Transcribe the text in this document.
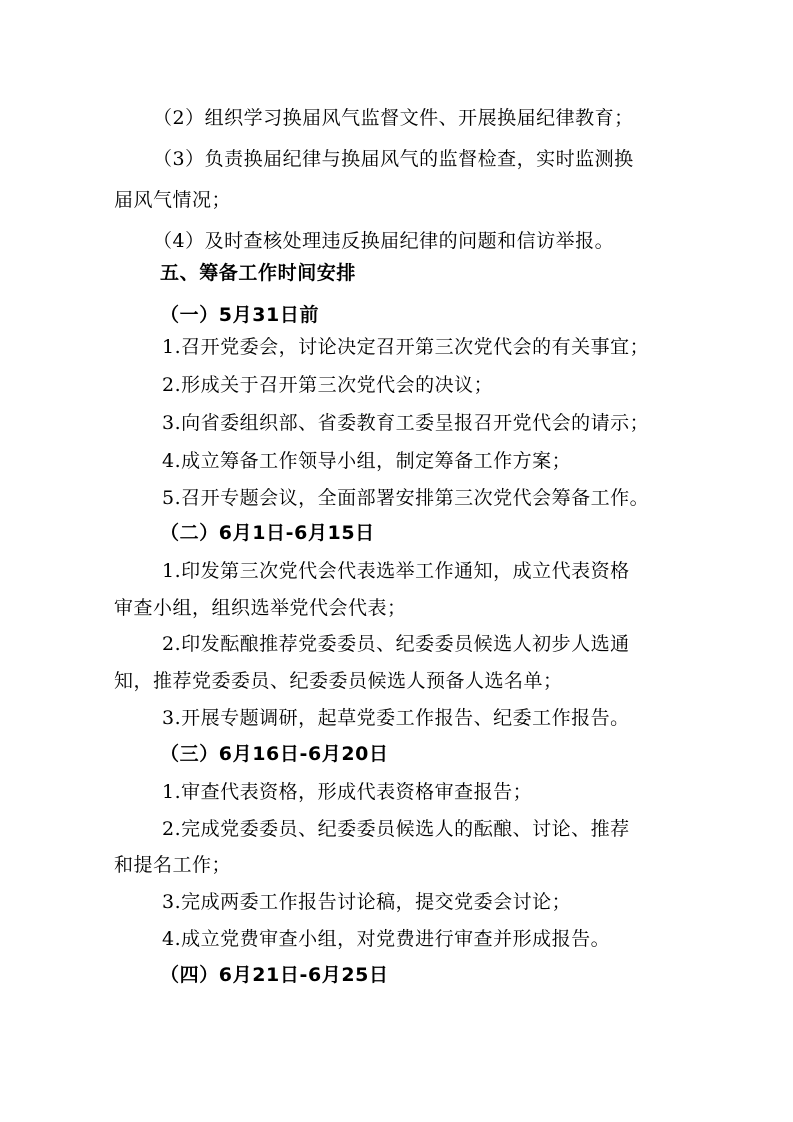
（2）组织学习换届风气监督文件、开展换届纪律教育；
（3）负责换届纪律与换届风气的监督检查，实时监测换
届风气情况；
（4）及时查核处理违反换届纪律的问题和信访举报。
五、筹备工作时间安排
（一）5月31日前
1.召开党委会，讨论决定召开第三次党代会的有关事宜；
2.形成关于召开第三次党代会的决议；
3.向省委组织部、省委教育工委呈报召开党代会的请示；
4.成立筹备工作领导小组，制定筹备工作方案；
5.召开专题会议，全面部署安排第三次党代会筹备工作。
（二）6月1日-6月15日
1.印发第三次党代会代表选举工作通知，成立代表资格
审查小组，组织选举党代会代表；
2.印发酝酿推荐党委委员、纪委委员候选人初步人选通
知，推荐党委委员、纪委委员候选人预备人选名单；
3.开展专题调研，起草党委工作报告、纪委工作报告。
（三）6月16日-6月20日
1.审查代表资格，形成代表资格审查报告；
2.完成党委委员、纪委委员候选人的酝酿、讨论、推荐
和提名工作；
3.完成两委工作报告讨论稿，提交党委会讨论；
4.成立党费审查小组，对党费进行审查并形成报告。
（四）6月21日-6月25日
